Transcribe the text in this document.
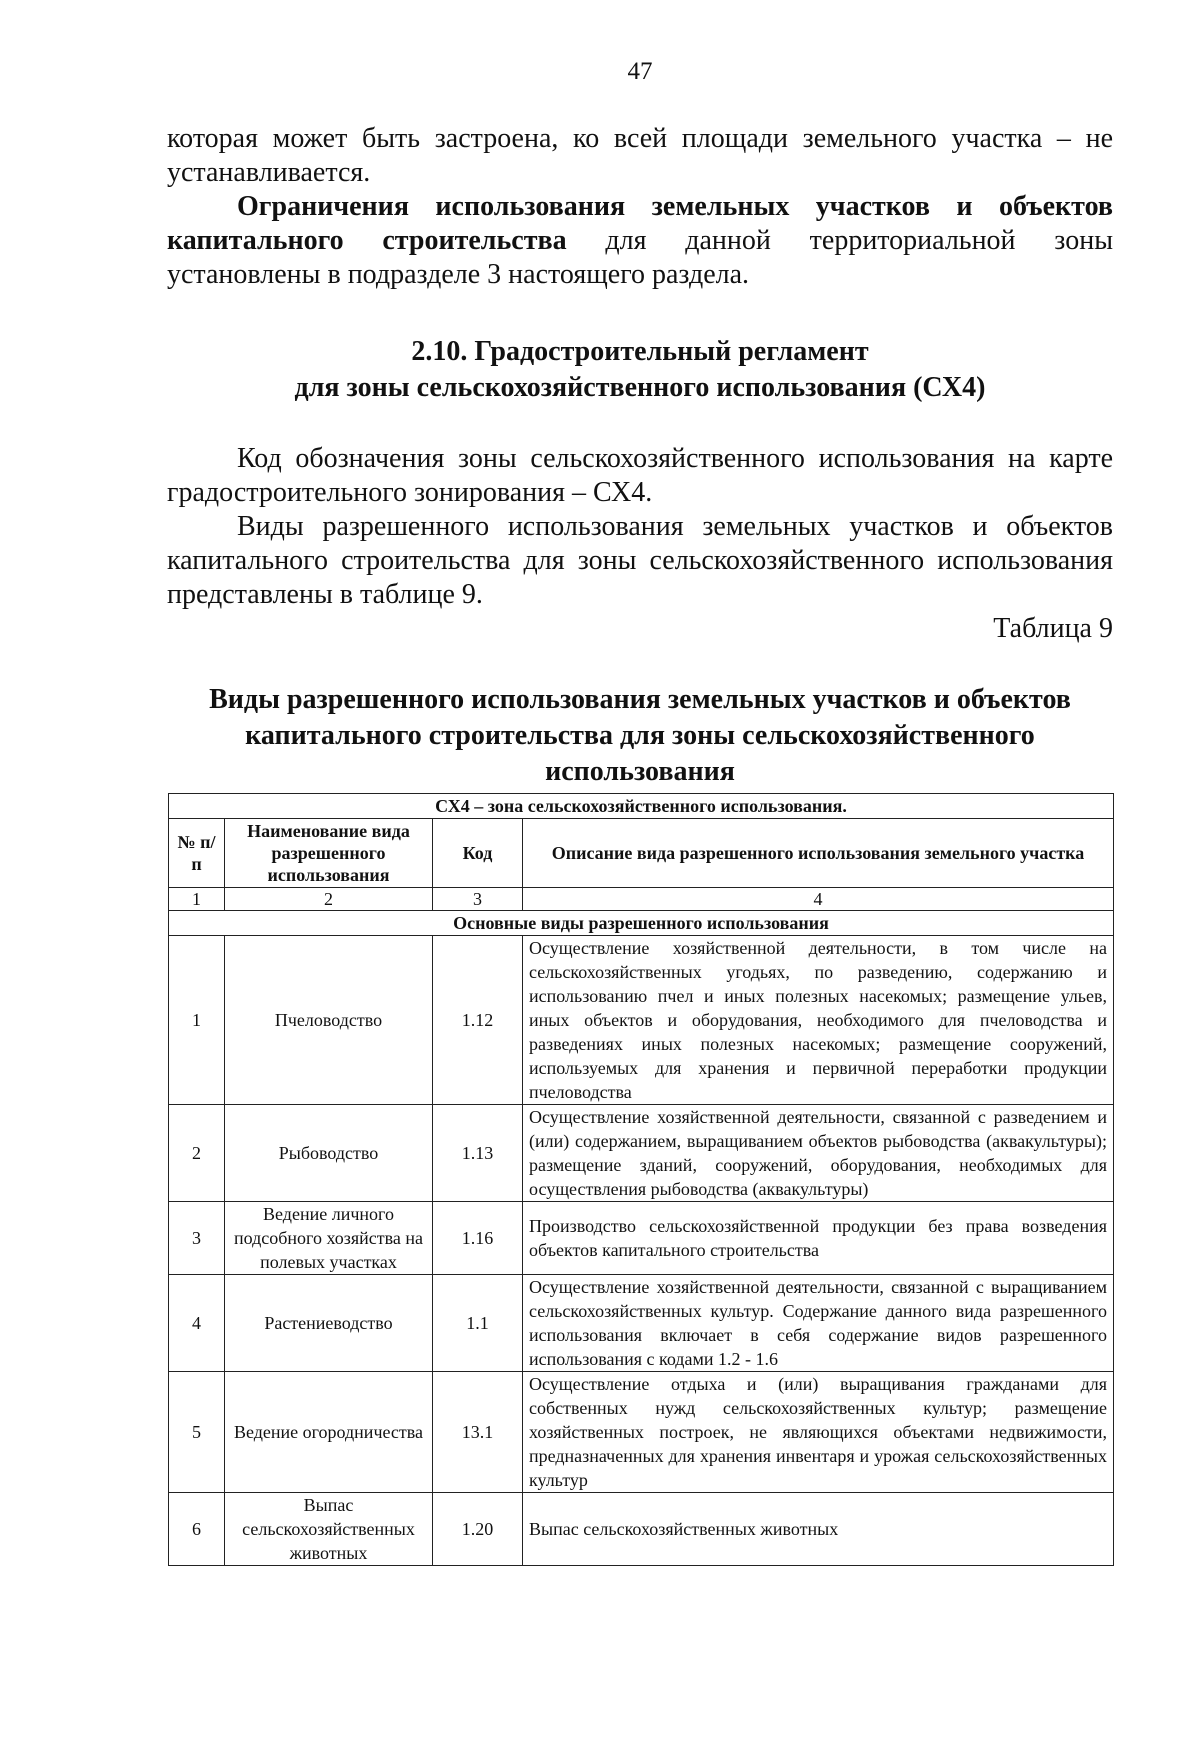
47

которая может быть застроена, ко всей площади земельного участка – не устанавливается.

Ограничения использования земельных участков и объектов капитального строительства для данной территориальной зоны установлены в подразделе 3 настоящего раздела.

2.10. Градостроительный регламент

для зоны сельскохозяйственного использования (СХ4)

Код обозначения зоны сельскохозяйственного использования на карте градостроительного зонирования – СХ4.

Виды разрешенного использования земельных участков и объектов капитального строительства для зоны сельскохозяйственного использования представлены в таблице 9.

Таблица 9

Виды разрешенного использования земельных участков и объектов

капитального строительства для зоны сельскохозяйственного

использования

СХ4 – зона сельскохозяйственного использования.			
№ п/п	Наименование вида разрешенного использования	Код	Описание вида разрешенного использования земельного участка
1	2	3	4
Основные виды разрешенного использования			
1	Пчеловодство	1.12	Осуществление хозяйственной деятельности, в том числе на сельскохозяйственных угодьях, по разведению, содержанию и использованию пчел и иных полезных насекомых; размещение ульев, иных объектов и оборудования, необходимого для пчеловодства и разведениях иных полезных насекомых; размещение сооружений, используемых для хранения и первичной переработки продукции пчеловодства
2	Рыбоводство	1.13	Осуществление хозяйственной деятельности, связанной с разведением и (или) содержанием, выращиванием объектов рыбоводства (аквакультуры); размещение зданий, сооружений, оборудования, необходимых для осуществления рыбоводства (аквакультуры)
3	Ведение личного подсобного хозяйства на полевых участках	1.16	Производство сельскохозяйственной продукции без права возведения объектов капитального строительства
4	Растениеводство	1.1	Осуществление хозяйственной деятельности, связанной с выращиванием сельскохозяйственных культур. Содержание данного вида разрешенного использования включает в себя содержание видов разрешенного использования с кодами 1.2 - 1.6
5	Ведение огородничества	13.1	Осуществление отдыха и (или) выращивания гражданами для собственных нужд сельскохозяйственных культур; размещение хозяйственных построек, не являющихся объектами недвижимости, предназначенных для хранения инвентаря и урожая сельскохозяйственных культур
6	Выпас сельскохозяйственных животных	1.20	Выпас сельскохозяйственных животных
